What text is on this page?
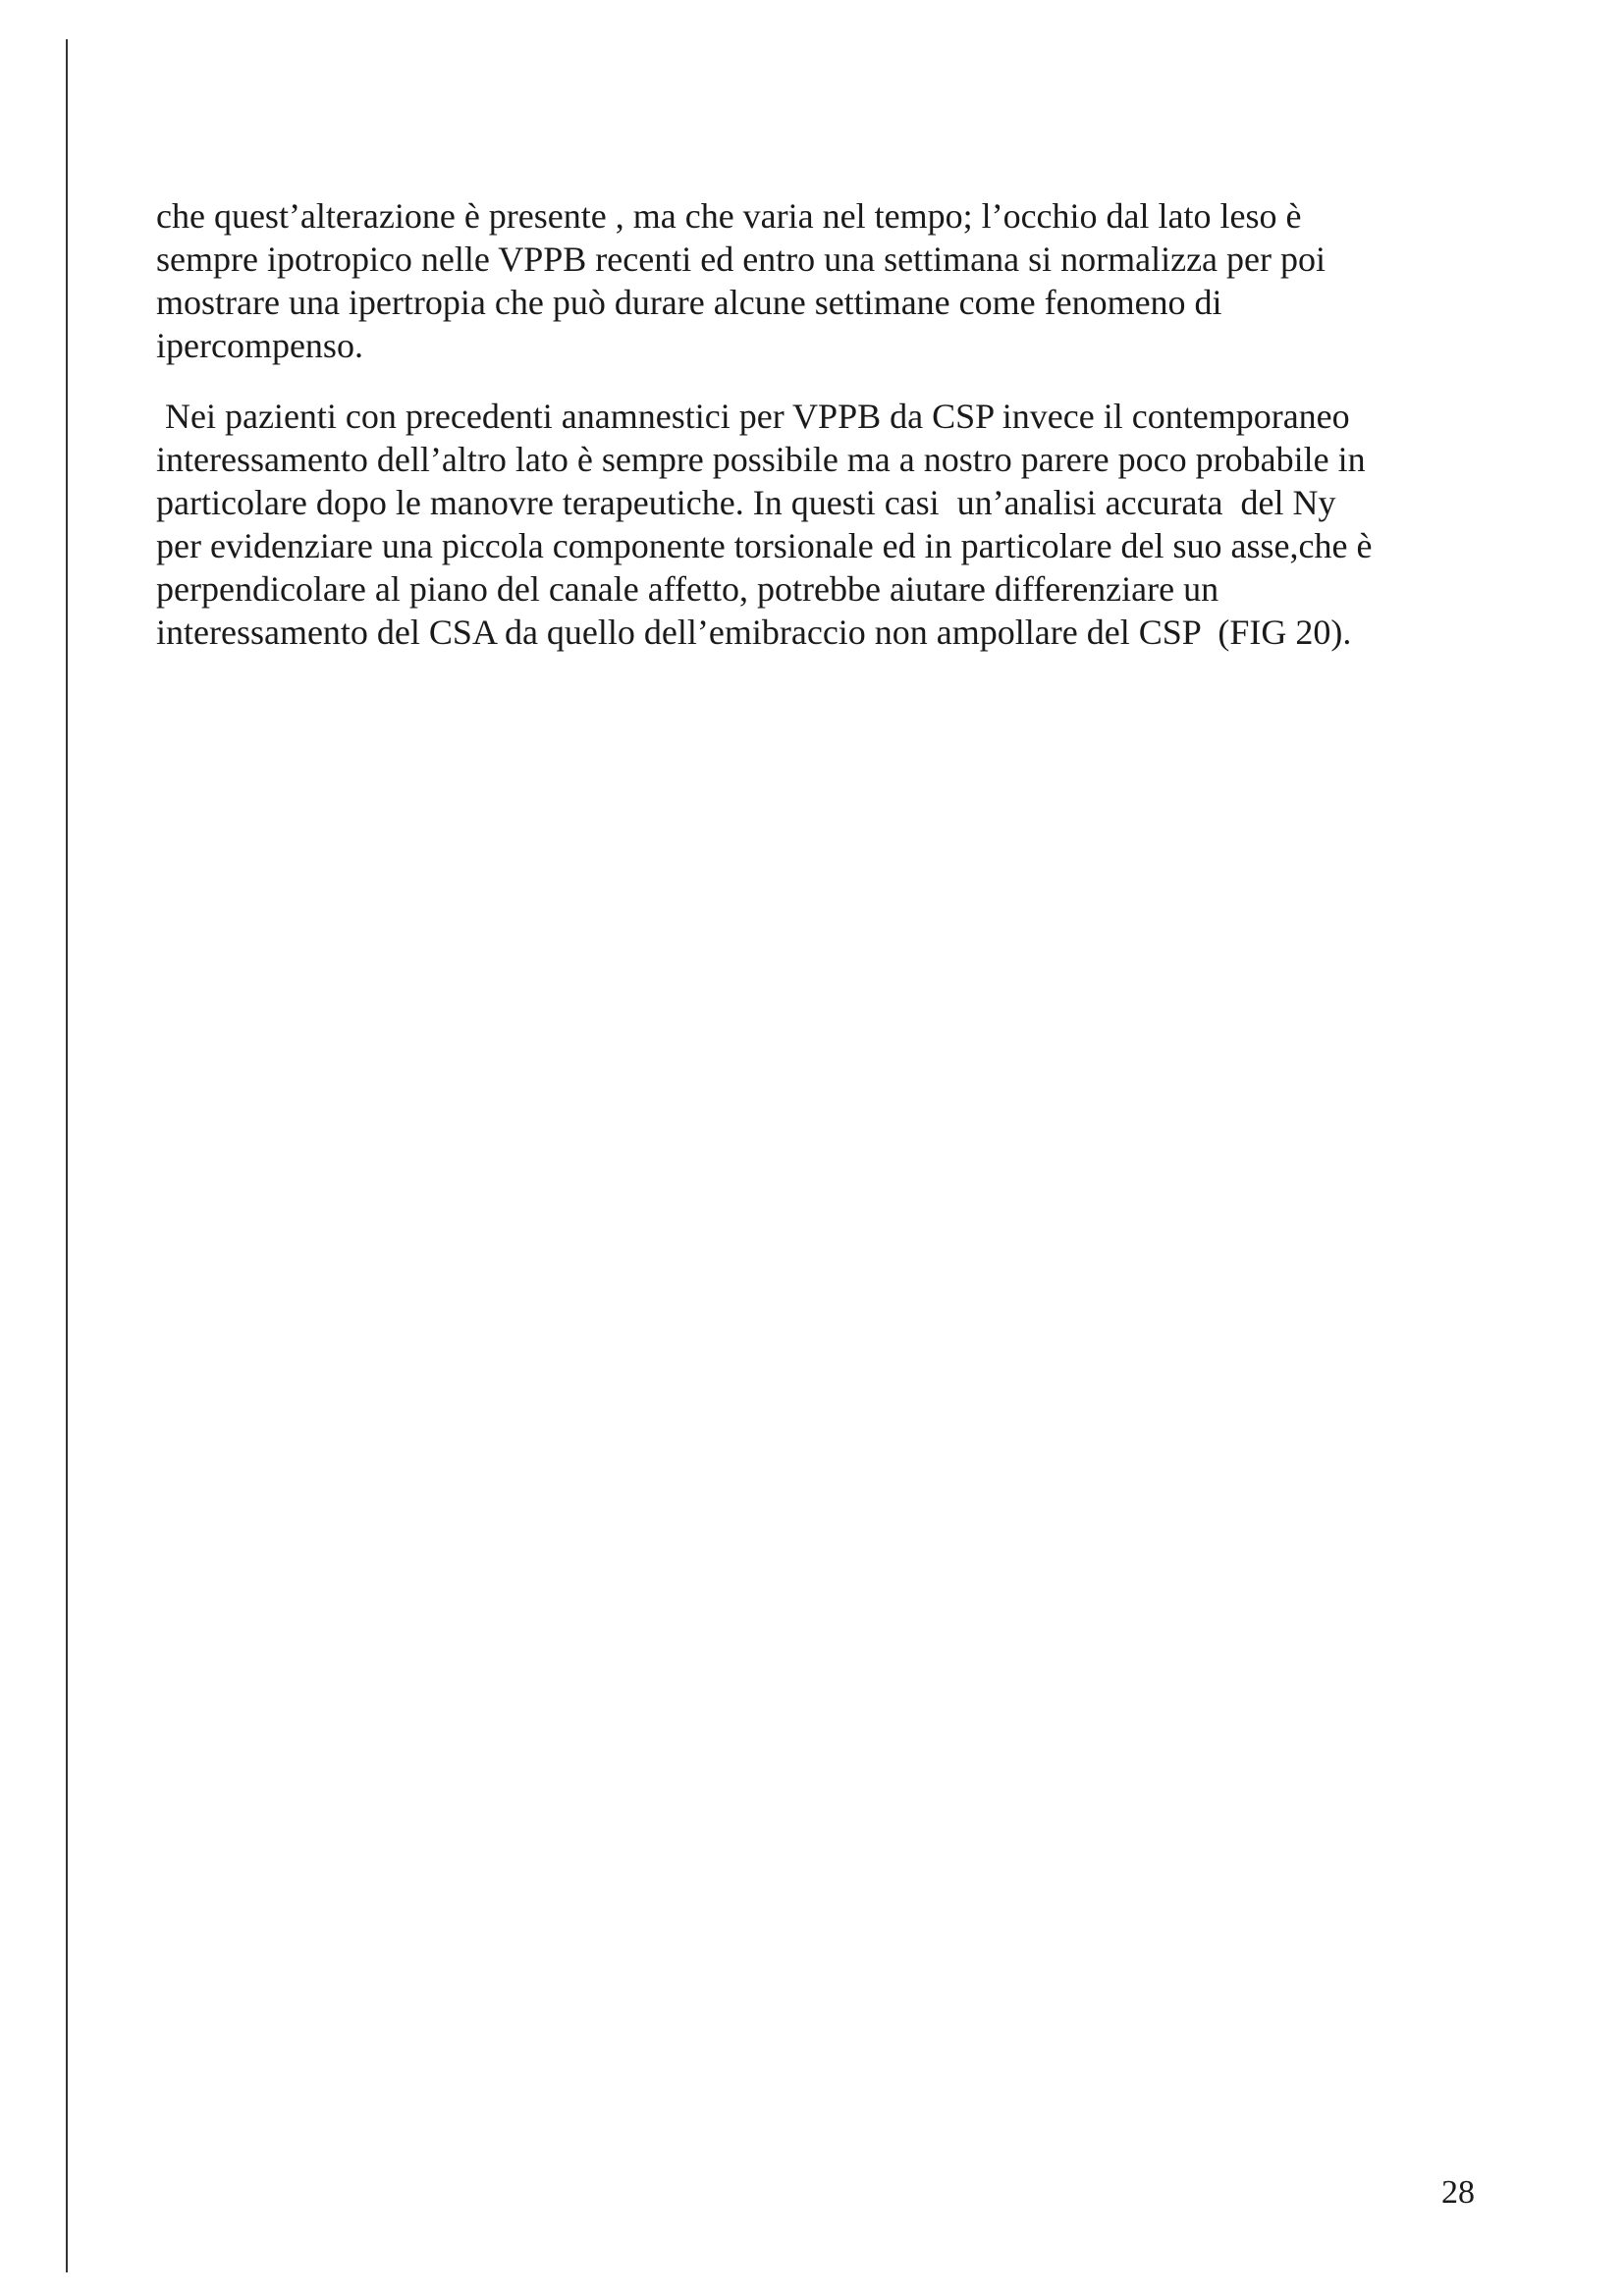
che quest’alterazione è presente , ma che varia nel tempo; l’occhio dal lato leso è
sempre ipotropico nelle VPPB recenti ed entro una settimana si normalizza per poi
mostrare una ipertropia che può durare alcune settimane come fenomeno di
ipercompenso.
Nei pazienti con precedenti anamnestici per VPPB da CSP invece il contemporaneo
interessamento dell’altro lato è sempre possibile ma a nostro parere poco probabile in
particolare dopo le manovre terapeutiche. In questi casi  un’analisi accurata  del Ny
per evidenziare una piccola componente torsionale ed in particolare del suo asse,che è
perpendicolare al piano del canale affetto, potrebbe aiutare differenziare un
interessamento del CSA da quello dell’emibraccio non ampollare del CSP  (FIG 20).
28
